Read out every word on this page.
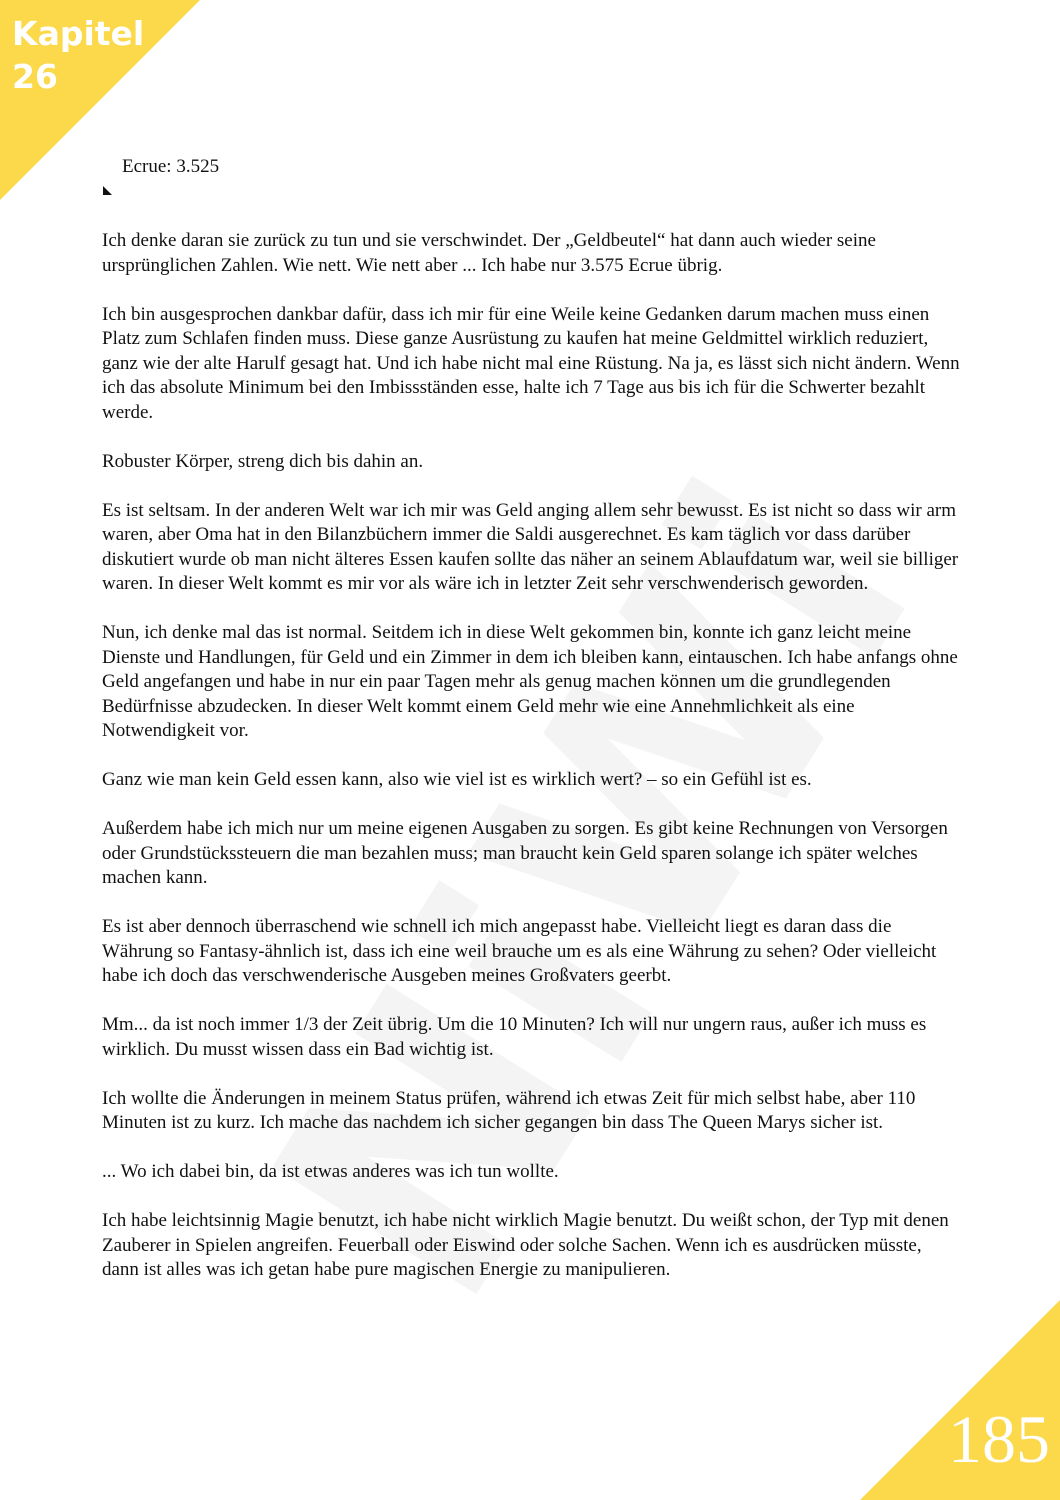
Kapitel
26
Ecrue: 3.525

Ich denke daran sie zurück zu tun und sie verschwindet. Der „Geldbeutel“ hat dann auch wieder seine ursprünglichen Zahlen. Wie nett. Wie nett aber ... Ich habe nur 3.575 Ecrue übrig.

Ich bin ausgesprochen dankbar dafür, dass ich mir für eine Weile keine Gedanken darum machen muss einen Platz zum Schlafen finden muss. Diese ganze Ausrüstung zu kaufen hat meine Geldmittel wirklich reduziert, ganz wie der alte Harulf gesagt hat. Und ich habe nicht mal eine Rüstung. Na ja, es lässt sich nicht ändern. Wenn ich das absolute Minimum bei den Imbissständen esse, halte ich 7 Tage aus bis ich für die Schwerter bezahlt werde.

Robuster Körper, streng dich bis dahin an.

Es ist seltsam. In der anderen Welt war ich mir was Geld anging allem sehr bewusst. Es ist nicht so dass wir arm waren, aber Oma hat in den Bilanzbüchern immer die Saldi ausgerechnet. Es kam täglich vor dass darüber diskutiert wurde ob man nicht älteres Essen kaufen sollte das näher an seinem Ablaufdatum war, weil sie billiger waren. In dieser Welt kommt es mir vor als wäre ich in letzter Zeit sehr verschwenderisch geworden.

Nun, ich denke mal das ist normal. Seitdem ich in diese Welt gekommen bin, konnte ich ganz leicht meine Dienste und Handlungen, für Geld und ein Zimmer in dem ich bleiben kann, eintauschen. Ich habe anfangs ohne Geld angefangen und habe in nur ein paar Tagen mehr als genug machen können um die grundlegenden Bedürfnisse abzudecken. In dieser Welt kommt einem Geld mehr wie eine Annehmlichkeit als eine Notwendigkeit vor.

Ganz wie man kein Geld essen kann, also wie viel ist es wirklich wert? – so ein Gefühl ist es.

Außerdem habe ich mich nur um meine eigenen Ausgaben zu sorgen. Es gibt keine Rechnungen von Versorgen oder Grundstückssteuern die man bezahlen muss; man braucht kein Geld sparen solange ich später welches machen kann.

Es ist aber dennoch überraschend wie schnell ich mich angepasst habe. Vielleicht liegt es daran dass die Währung so Fantasy-ähnlich ist, dass ich eine weil brauche um es als eine Währung zu sehen? Oder vielleicht habe ich doch das verschwenderische Ausgeben meines Großvaters geerbt.

Mm... da ist noch immer 1/3 der Zeit übrig. Um die 10 Minuten? Ich will nur ungern raus, außer ich muss es wirklich. Du musst wissen dass ein Bad wichtig ist.

Ich wollte die Änderungen in meinem Status prüfen, während ich etwas Zeit für mich selbst habe, aber 110 Minuten ist zu kurz. Ich mache das nachdem ich sicher gegangen bin dass The Queen Marys sicher ist.

... Wo ich dabei bin, da ist etwas anderes was ich tun wollte.

Ich habe leichtsinnig Magie benutzt, ich habe nicht wirklich Magie benutzt. Du weißt schon, der Typ mit denen Zauberer in Spielen angreifen. Feuerball oder Eiswind oder solche Sachen. Wenn ich es ausdrücken müsste, dann ist alles was ich getan habe pure magischen Energie zu manipulieren.

185
